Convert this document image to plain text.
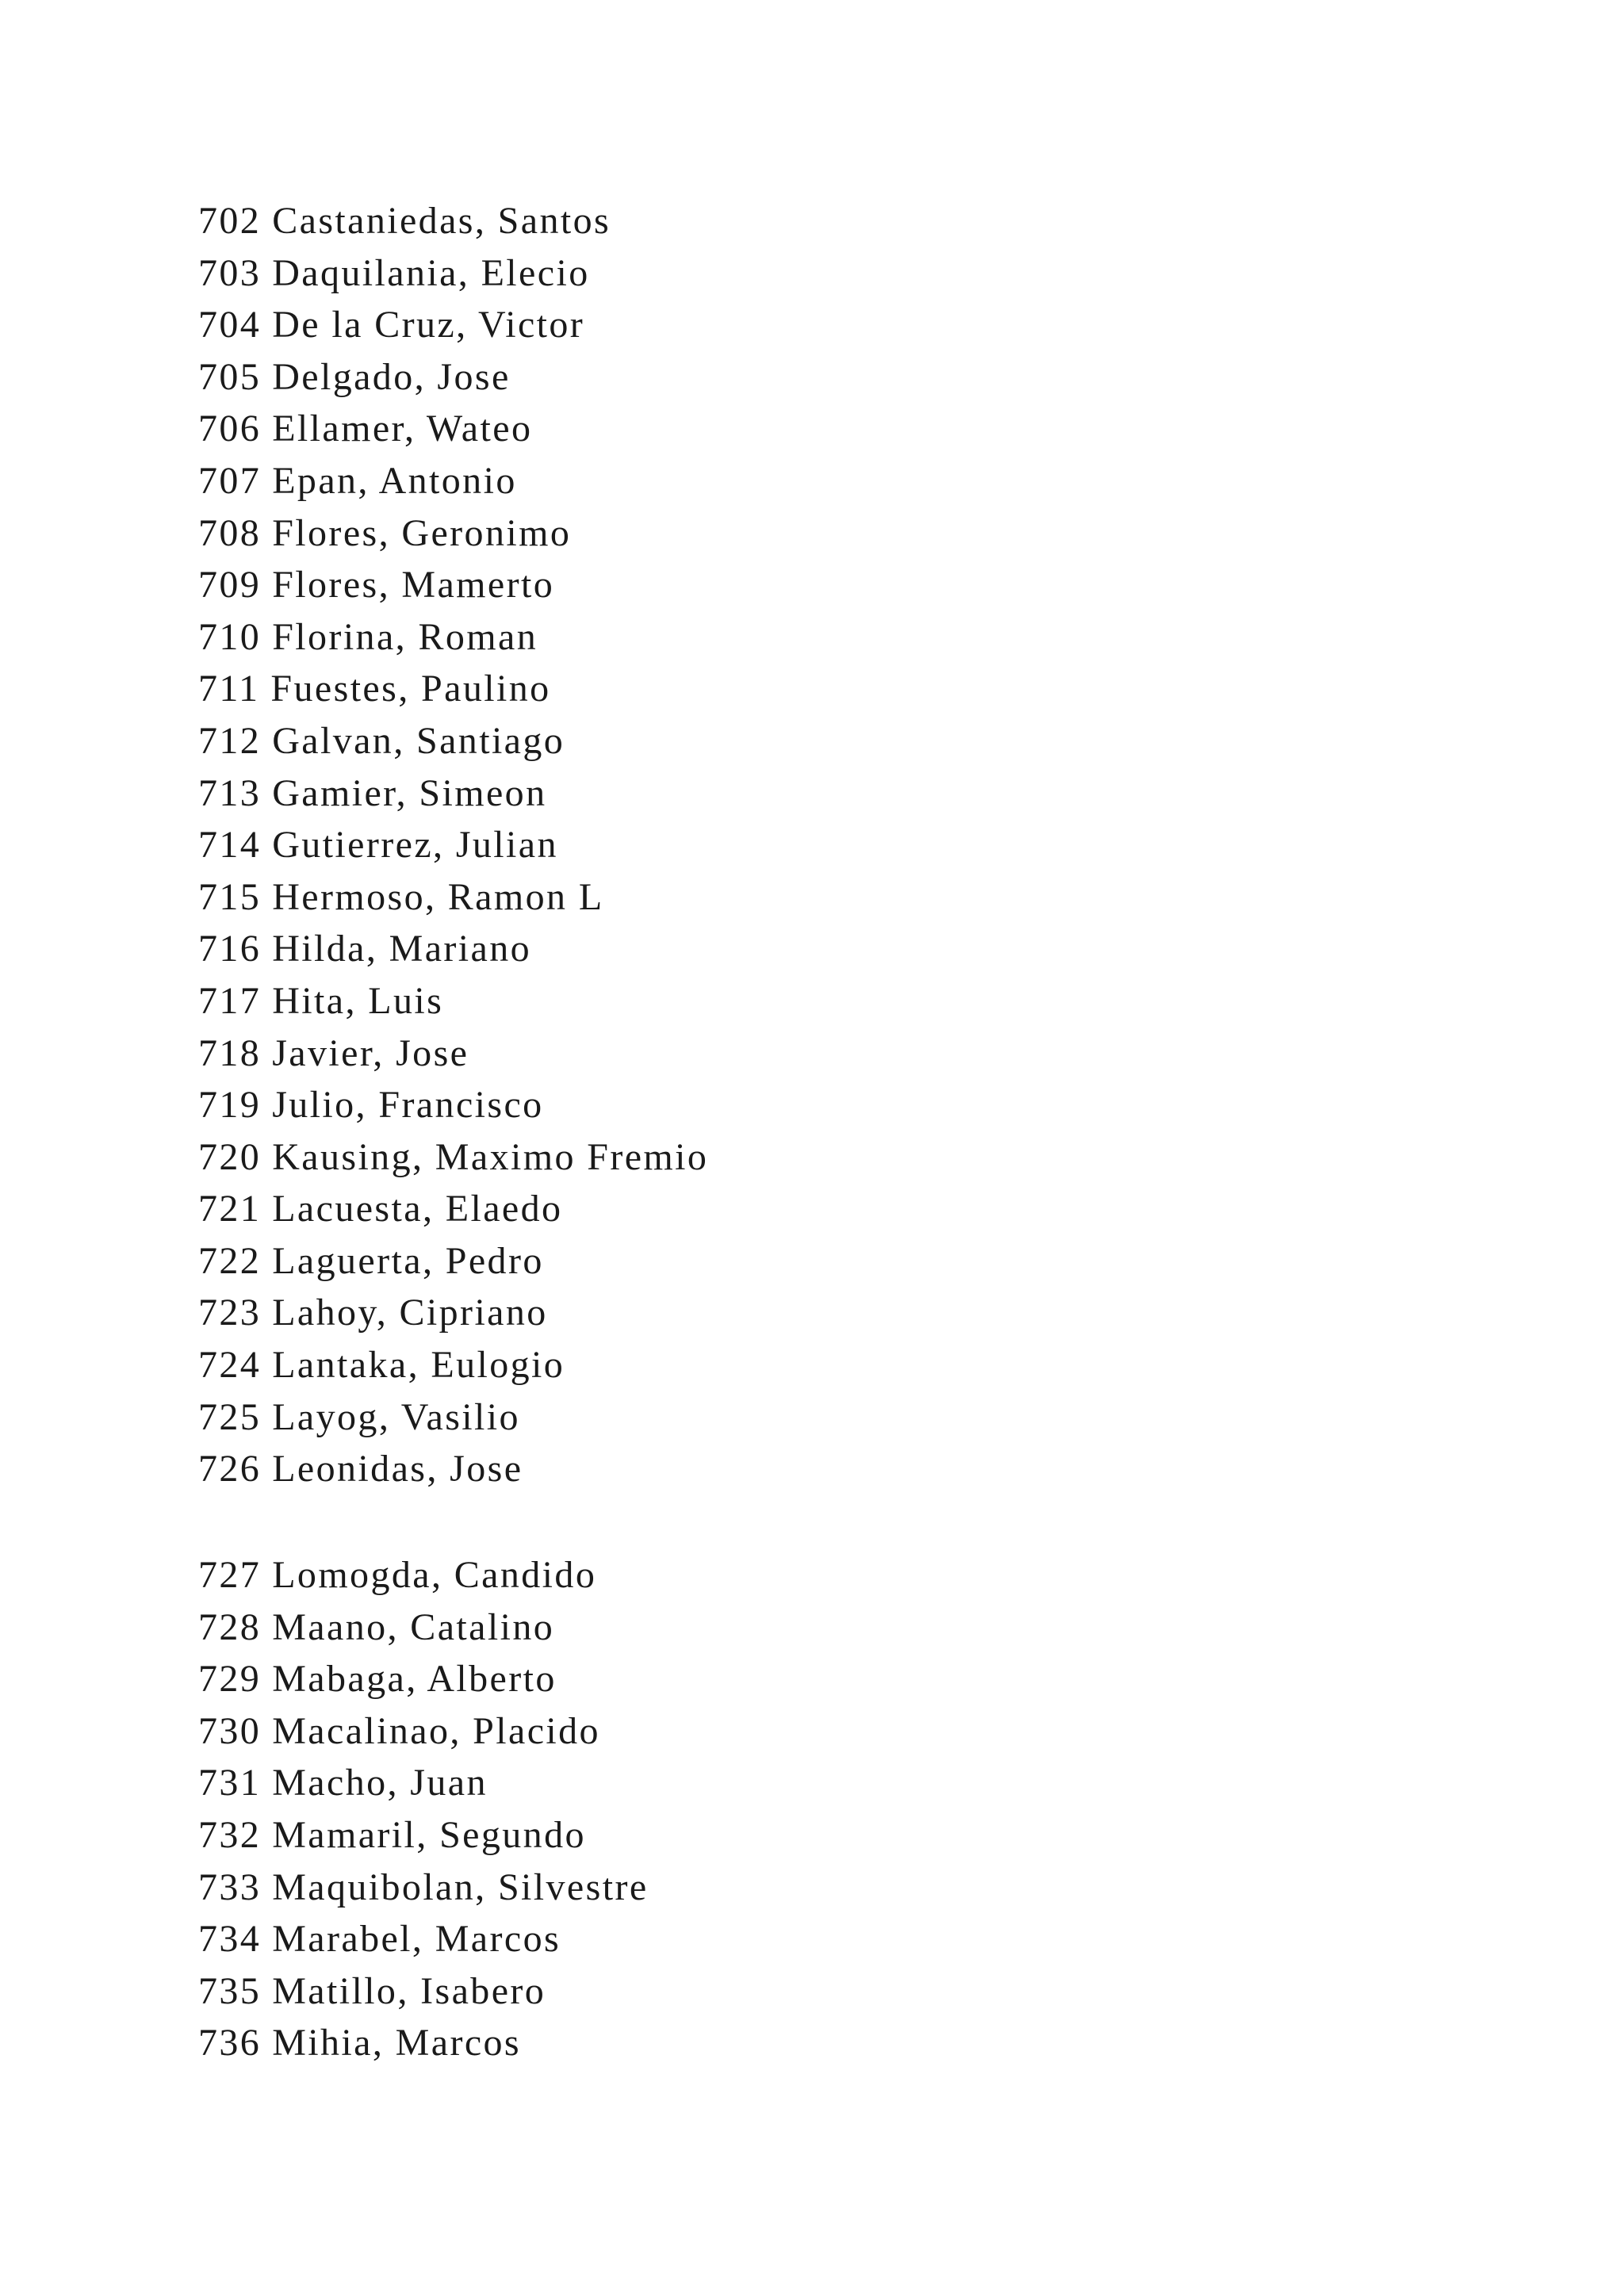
702 Castaniedas, Santos
703 Daquilania, Elecio
704 De la Cruz, Victor
705 Delgado, Jose
706 Ellamer, Wateo
707 Epan, Antonio
708 Flores, Geronimo
709 Flores, Mamerto
710 Florina, Roman
711 Fuestes, Paulino
712 Galvan, Santiago
713 Gamier, Simeon
714 Gutierrez, Julian
715 Hermoso, Ramon L
716 Hilda, Mariano
717 Hita, Luis
718 Javier, Jose
719 Julio, Francisco
720 Kausing, Maximo Fremio
721 Lacuesta, Elaedo
722 Laguerta, Pedro
723 Lahoy, Cipriano
724 Lantaka, Eulogio
725 Layog, Vasilio
726 Leonidas, Jose
727 Lomogda, Candido
728 Maano, Catalino
729 Mabaga, Alberto
730 Macalinao, Placido
731 Macho, Juan
732 Mamaril, Segundo
733 Maquibolan, Silvestre
734 Marabel, Marcos
735 Matillo, Isabero
736 Mihia, Marcos
